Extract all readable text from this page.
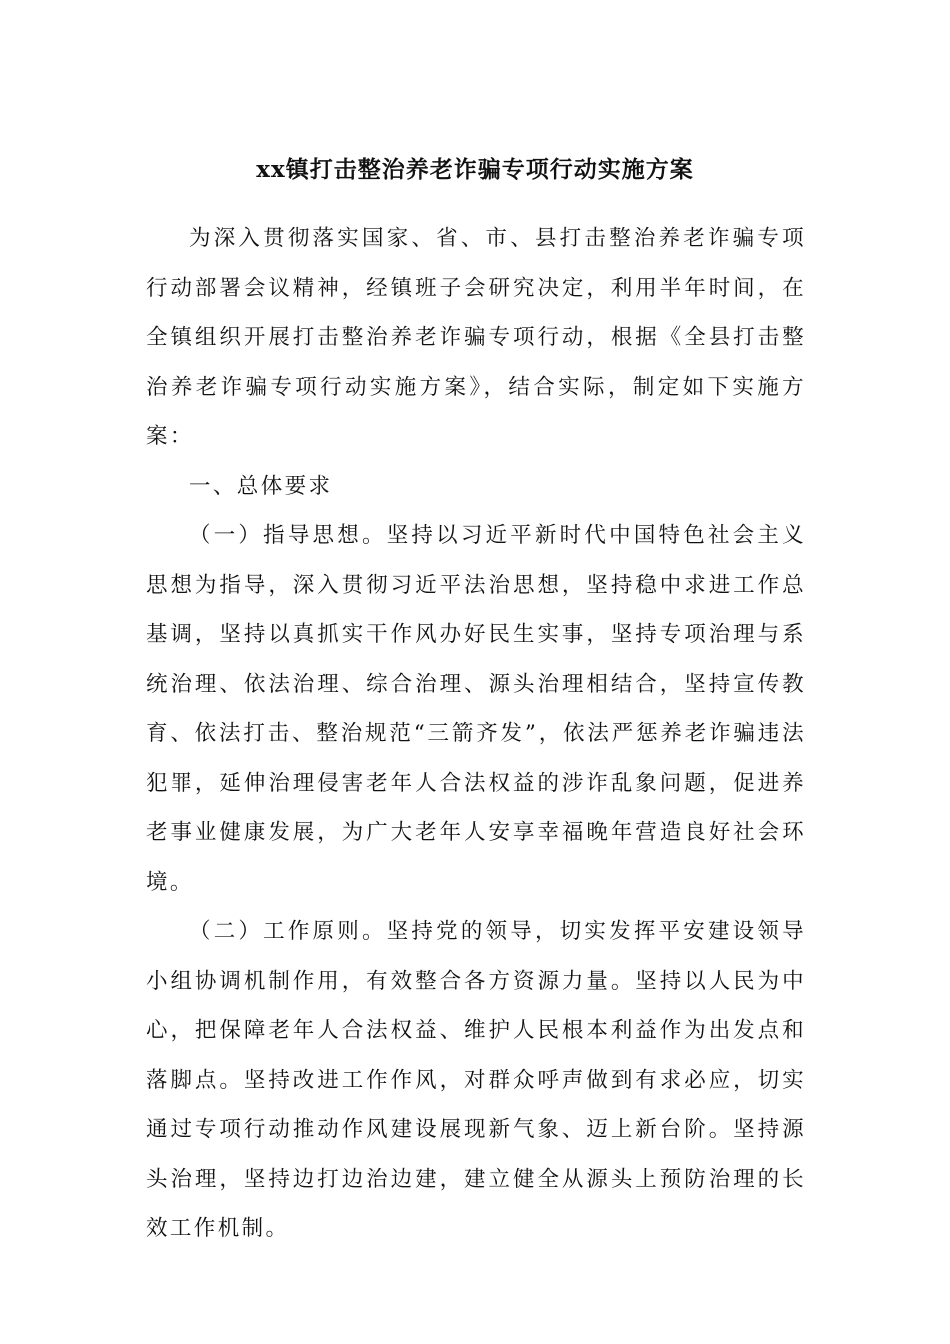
xx镇打击整治养老诈骗专项行动实施方案

为深入贯彻落实国家、省、市、县打击整治养老诈骗专项行动部署会议精神，经镇班子会研究决定，利用半年时间，在全镇组织开展打击整治养老诈骗专项行动，根据《全县打击整治养老诈骗专项行动实施方案》，结合实际，制定如下实施方案：

一、总体要求

（一）指导思想。坚持以习近平新时代中国特色社会主义思想为指导，深入贯彻习近平法治思想，坚持稳中求进工作总基调，坚持以真抓实干作风办好民生实事，坚持专项治理与系统治理、依法治理、综合治理、源头治理相结合，坚持宣传教育、依法打击、整治规范“三箭齐发”，依法严惩养老诈骗违法犯罪，延伸治理侵害老年人合法权益的涉诈乱象问题，促进养老事业健康发展，为广大老年人安享幸福晚年营造良好社会环境。

（二）工作原则。坚持党的领导，切实发挥平安建设领导小组协调机制作用，有效整合各方资源力量。坚持以人民为中心，把保障老年人合法权益、维护人民根本利益作为出发点和落脚点。坚持改进工作作风，对群众呼声做到有求必应，切实通过专项行动推动作风建设展现新气象、迈上新台阶。坚持源头治理，坚持边打边治边建，建立健全从源头上预防治理的长效工作机制。
